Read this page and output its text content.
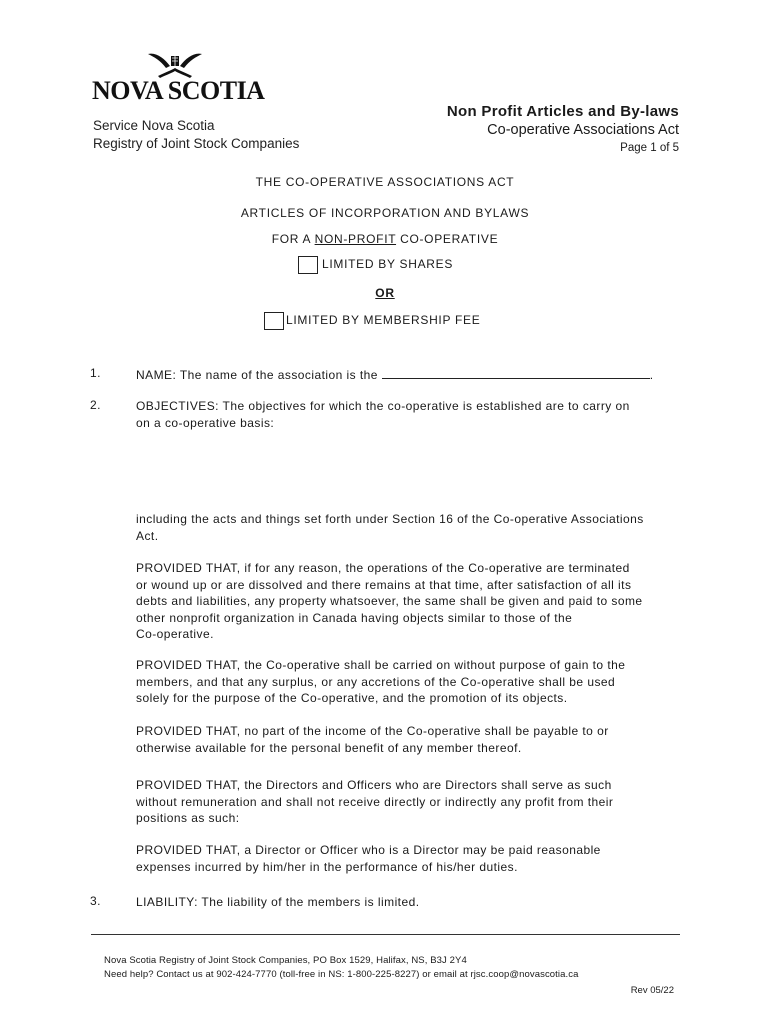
NOVA SCOTIA
Service Nova Scotia
Registry of Joint Stock Companies
Non Profit Articles and By-laws
Co-operative Associations Act
Page 1 of 5
THE CO-OPERATIVE ASSOCIATIONS ACT
ARTICLES OF INCORPORATION AND BYLAWS
FOR A NON-PROFIT CO-OPERATIVE
LIMITED BY SHARES
OR
LIMITED BY MEMBERSHIP FEE
1.	NAME: The name of the association is the	.
2.	OBJECTIVES: The objectives for which the co-operative is established are to carry on
on a co-operative basis:
including the acts and things set forth under Section 16 of the Co-operative Associations
Act.
PROVIDED THAT, if for any reason, the operations of the Co-operative are terminated
or wound up or are dissolved and there remains at that time, after satisfaction of all its
debts and liabilities, any property whatsoever, the same shall be given and paid to some
other nonprofit organization in Canada having objects similar to those of the
Co-operative.
PROVIDED THAT, the Co-operative shall be carried on without purpose of gain to the
members, and that any surplus, or any accretions of the Co-operative shall be used
solely for the purpose of the Co-operative, and the promotion of its objects.
PROVIDED THAT, no part of the income of the Co-operative shall be payable to or
otherwise available for the personal benefit of any member thereof.
PROVIDED THAT, the Directors and Officers who are Directors shall serve as such
without remuneration and shall not receive directly or indirectly any profit from their
positions as such:
PROVIDED THAT, a Director or Officer who is a Director may be paid reasonable
expenses incurred by him/her in the performance of his/her duties.
3.	LIABILITY: The liability of the members is limited.
Nova Scotia Registry of Joint Stock Companies, PO Box 1529, Halifax, NS, B3J 2Y4
Need help? Contact us at 902-424-7770 (toll-free in NS: 1-800-225-8227) or email at rjsc.coop@novascotia.ca
Rev 05/22
